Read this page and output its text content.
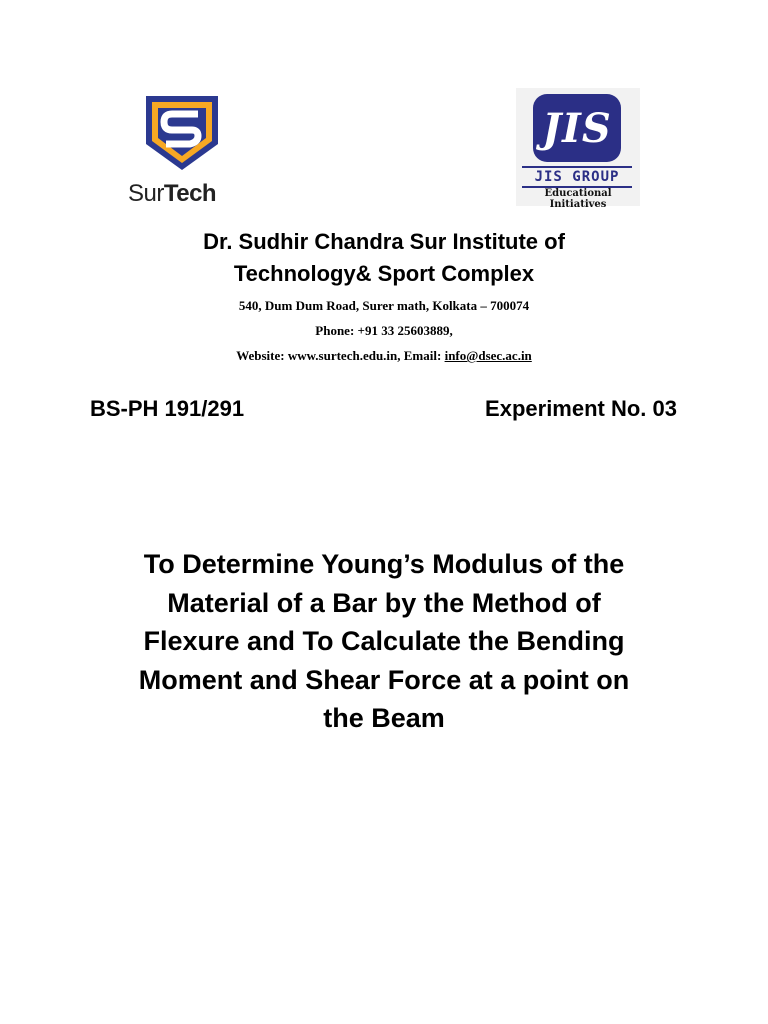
SurTech
JIS
JIS GROUP
Educational Initiatives
Dr. Sudhir Chandra Sur Institute of
Technology& Sport Complex
540, Dum Dum Road, Surer math, Kolkata – 700074
Phone: +91 33 25603889,
Website: www.surtech.edu.in, Email: info@dsec.ac.in
BS-PH 191/291	Experiment No. 03
To Determine Young’s Modulus of the
Material of a Bar by the Method of
Flexure and To Calculate the Bending
Moment and Shear Force at a point on
the Beam
